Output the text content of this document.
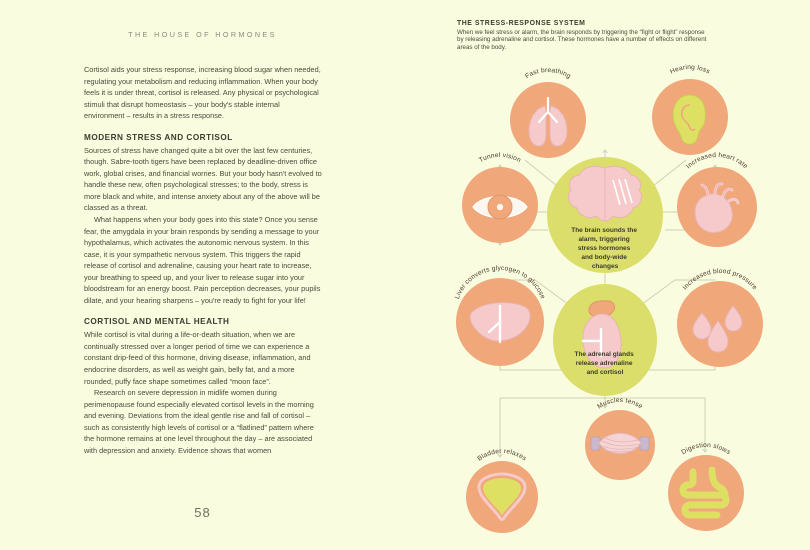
THE HOUSE OF HORMONES

Cortisol aids your stress response, increasing blood sugar when needed, regulating your metabolism and reducing inflammation. When your body feels it is under threat, cortisol is released. Any physical or psychological stimuli that disrupt homeostasis – your body's stable internal environment – results in a stress response.

MODERN STRESS AND CORTISOL

Sources of stress have changed quite a bit over the last few centuries, though. Sabre-tooth tigers have been replaced by deadline-driven office work, global crises, and financial worries. But your body hasn't evolved to handle these new, often psychological stresses; to the body, stress is more black and white, and intense anxiety about any of the above will be classed as a threat.

What happens when your body goes into this state? Once you sense fear, the amygdala in your brain responds by sending a message to your hypothalamus, which activates the autonomic nervous system. In this case, it is your sympathetic nervous system. This triggers the rapid release of cortisol and adrenaline, causing your heart rate to increase, your breathing to speed up, and your liver to release sugar into your bloodstream for an energy boost. Pain perception decreases, your pupils dilate, and your hearing sharpens – you're ready to fight for your life!

CORTISOL AND MENTAL HEALTH

While cortisol is vital during a life-or-death situation, when we are continually stressed over a longer period of time we can experience a constant drip-feed of this hormone, driving disease, inflammation, and endocrine disorders, as well as weight gain, belly fat, and a more rounded, puffy face shape sometimes called “moon face”.

Research on severe depression in midlife women during perimenopause found especially elevated cortisol levels in the morning and evening. Deviations from the ideal gentle rise and fall of cortisol – such as consistently high levels of cortisol or a “flatlined” pattern where the hormone remains at one level throughout the day – are associated with depression and anxiety. Evidence shows that women

58
THE STRESS-RESPONSE SYSTEM
When we feel stress or alarm, the brain responds by triggering the “fight or flight” response by releasing adrenaline and cortisol. These hormones have a number of effects on different areas of the body.
The brain sounds the alarm, triggering stress hormones and body-wide changes
The adrenal glands release adrenaline and cortisol
Fast breathing
Hearing loss
Tunnel vision
Increased heart rate
Liver converts glycogen to glucose
Increased blood pressure
Muscles tense
Bladder relaxes
Digestion slows
